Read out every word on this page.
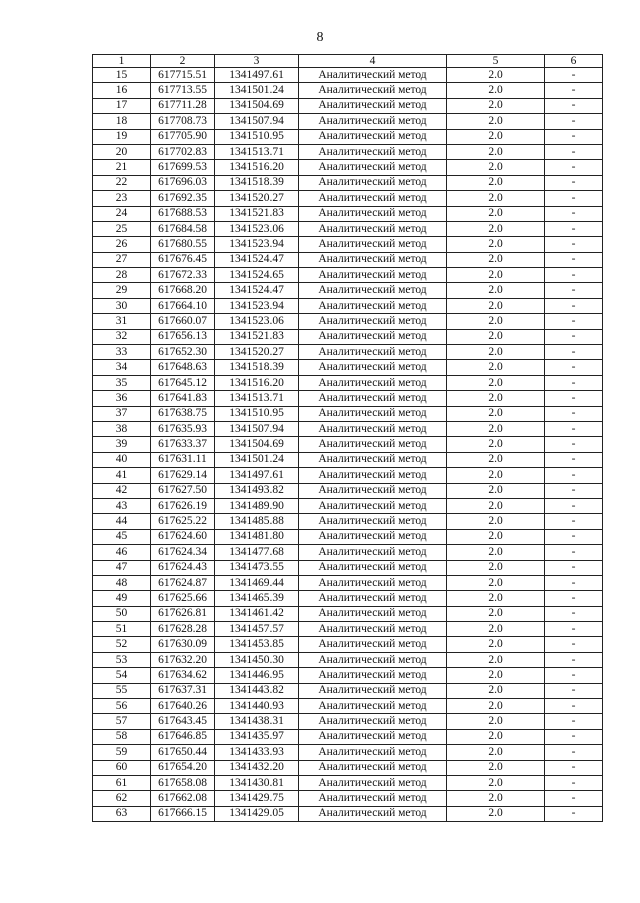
8
1	2	3	4	5	6
15	617715.51	1341497.61	Аналитический метод	2.0	-
16	617713.55	1341501.24	Аналитический метод	2.0	-
17	617711.28	1341504.69	Аналитический метод	2.0	-
18	617708.73	1341507.94	Аналитический метод	2.0	-
19	617705.90	1341510.95	Аналитический метод	2.0	-
20	617702.83	1341513.71	Аналитический метод	2.0	-
21	617699.53	1341516.20	Аналитический метод	2.0	-
22	617696.03	1341518.39	Аналитический метод	2.0	-
23	617692.35	1341520.27	Аналитический метод	2.0	-
24	617688.53	1341521.83	Аналитический метод	2.0	-
25	617684.58	1341523.06	Аналитический метод	2.0	-
26	617680.55	1341523.94	Аналитический метод	2.0	-
27	617676.45	1341524.47	Аналитический метод	2.0	-
28	617672.33	1341524.65	Аналитический метод	2.0	-
29	617668.20	1341524.47	Аналитический метод	2.0	-
30	617664.10	1341523.94	Аналитический метод	2.0	-
31	617660.07	1341523.06	Аналитический метод	2.0	-
32	617656.13	1341521.83	Аналитический метод	2.0	-
33	617652.30	1341520.27	Аналитический метод	2.0	-
34	617648.63	1341518.39	Аналитический метод	2.0	-
35	617645.12	1341516.20	Аналитический метод	2.0	-
36	617641.83	1341513.71	Аналитический метод	2.0	-
37	617638.75	1341510.95	Аналитический метод	2.0	-
38	617635.93	1341507.94	Аналитический метод	2.0	-
39	617633.37	1341504.69	Аналитический метод	2.0	-
40	617631.11	1341501.24	Аналитический метод	2.0	-
41	617629.14	1341497.61	Аналитический метод	2.0	-
42	617627.50	1341493.82	Аналитический метод	2.0	-
43	617626.19	1341489.90	Аналитический метод	2.0	-
44	617625.22	1341485.88	Аналитический метод	2.0	-
45	617624.60	1341481.80	Аналитический метод	2.0	-
46	617624.34	1341477.68	Аналитический метод	2.0	-
47	617624.43	1341473.55	Аналитический метод	2.0	-
48	617624.87	1341469.44	Аналитический метод	2.0	-
49	617625.66	1341465.39	Аналитический метод	2.0	-
50	617626.81	1341461.42	Аналитический метод	2.0	-
51	617628.28	1341457.57	Аналитический метод	2.0	-
52	617630.09	1341453.85	Аналитический метод	2.0	-
53	617632.20	1341450.30	Аналитический метод	2.0	-
54	617634.62	1341446.95	Аналитический метод	2.0	-
55	617637.31	1341443.82	Аналитический метод	2.0	-
56	617640.26	1341440.93	Аналитический метод	2.0	-
57	617643.45	1341438.31	Аналитический метод	2.0	-
58	617646.85	1341435.97	Аналитический метод	2.0	-
59	617650.44	1341433.93	Аналитический метод	2.0	-
60	617654.20	1341432.20	Аналитический метод	2.0	-
61	617658.08	1341430.81	Аналитический метод	2.0	-
62	617662.08	1341429.75	Аналитический метод	2.0	-
63	617666.15	1341429.05	Аналитический метод	2.0	-
